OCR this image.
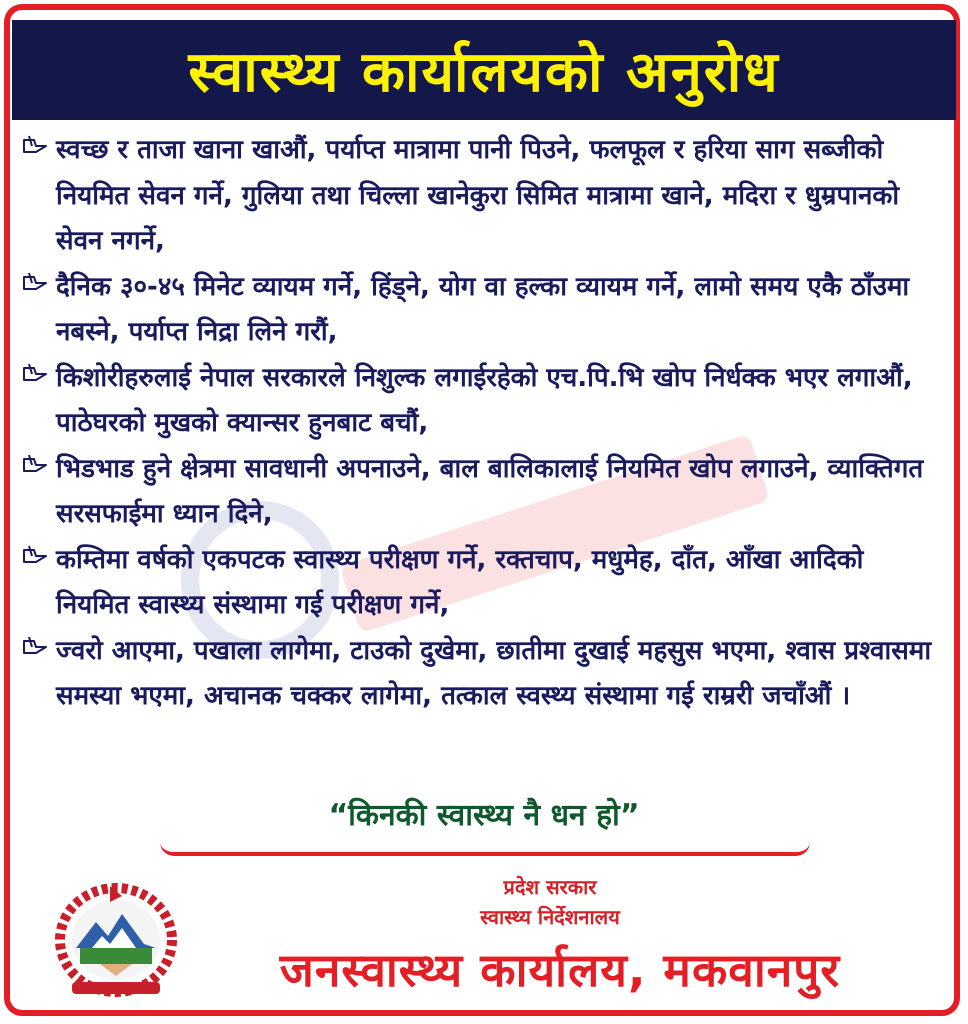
स्वास्थ्य कार्यालयको अनुरोध

स्वच्छ र ताजा खाना खाऔं, पर्याप्त मात्रामा पानी पिउने, फलफूल र हरिया साग सब्जीको नियमित सेवन गर्ने, गुलिया तथा चिल्ला खानेकुरा सिमित मात्रामा खाने, मदिरा र धुम्रपानको सेवन नगर्ने,

दैनिक ३०-४५ मिनेट व्यायम गर्ने, हिंड्ने, योग वा हल्का व्यायम गर्ने, लामो समय एकै ठाँउमा नबस्ने, पर्याप्त निद्रा लिने गरौं,

किशोरीहरुलाई नेपाल सरकारले निशुल्क लगाईरहेको एच.पि.भि खोप निर्धक्क भएर लगाऔं, पाठेघरको मुखको क्यान्सर हुनबाट बचौं,

भिडभाड हुने क्षेत्रमा सावधानी अपनाउने, बाल बालिकालाई नियमित खोप लगाउने, व्याक्तिगत सरसफाईमा ध्यान दिने,

कम्तिमा वर्षको एकपटक स्वास्थ्य परीक्षण गर्ने, रक्तचाप, मधुमेह, दाँत, आँखा आदिको नियमित स्वास्थ्य संस्थामा गई परीक्षण गर्ने,

ज्वरो आएमा, पखाला लागेमा, टाउको दुखेमा, छातीमा दुखाई महसुस भएमा, श्वास प्रश्वासमा समस्या भएमा, अचानक चक्कर लागेमा, तत्काल स्वस्थ्य संस्थामा गई राम्ररी जचाँऔं ।

“किनकी स्वास्थ्य नै धन हो”
प्रदेश सरकार
स्वास्थ्य निर्देशनालय
जनस्वास्थ्य कार्यालय, मकवानपुर
